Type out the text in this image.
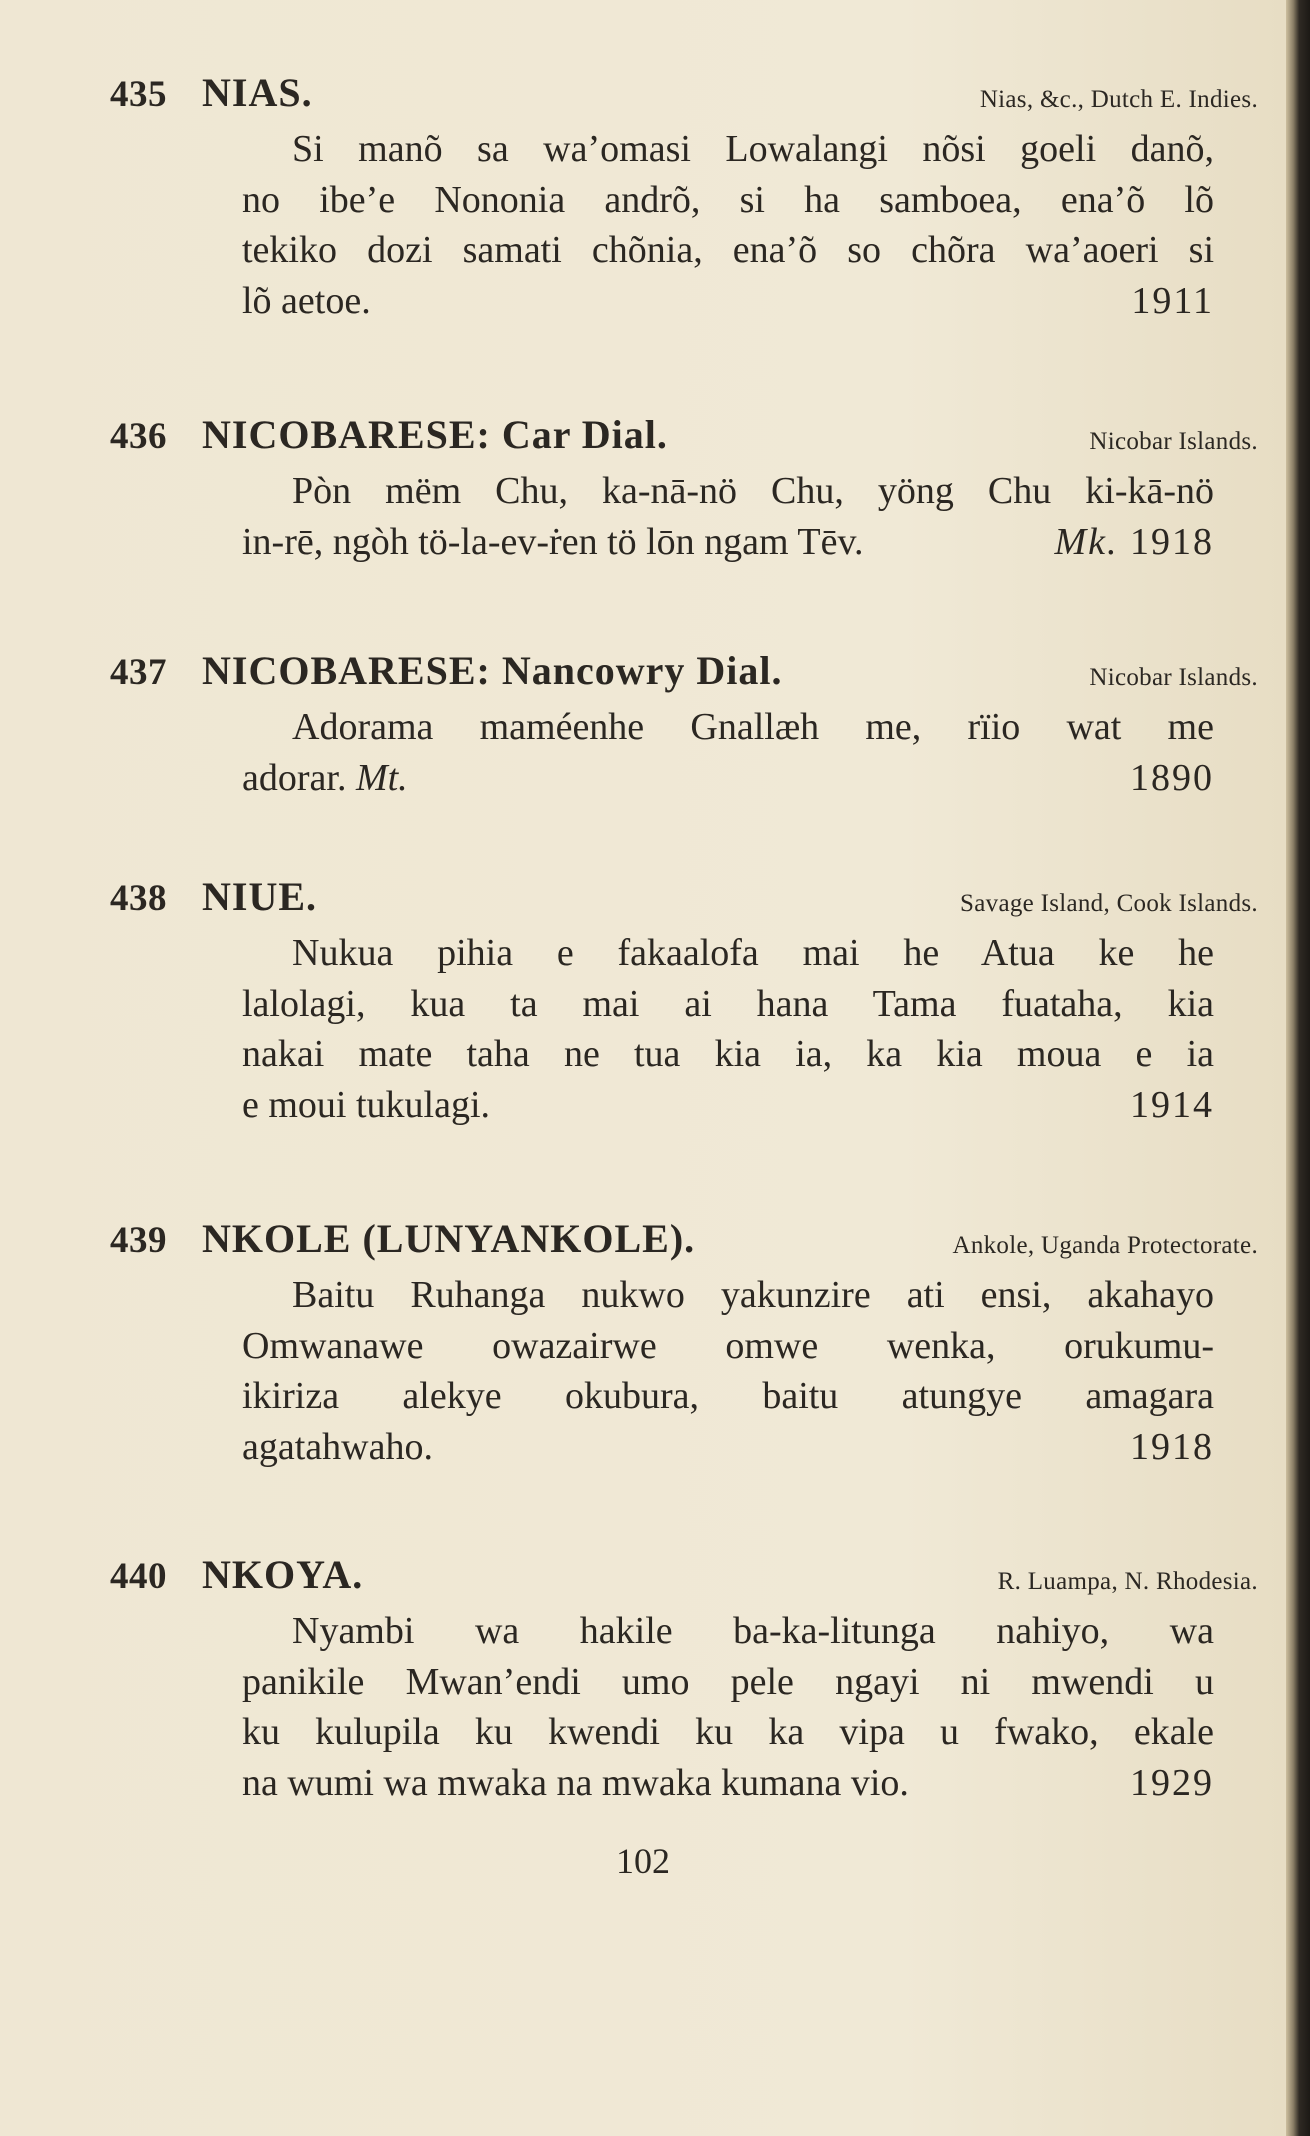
435 NIAS.	Nias, &c., Dutch E. Indies.
Si manõ sa wa’omasi Lowalangi nõsi goeli danõ,
no ibe’e Nononia andrõ, si ha samboea, ena’õ lõ
tekiko dozi samati chõnia, ena’õ so chõra wa’aoeri si
lõ aetoe.	1911
436 NICOBARESE: Car Dial.	Nicobar Islands.
Pòn mëm Chu, ka-nā-nö Chu, yöng Chu ki-kā-nö
in-rē, ngòh tö-la-ev-ṙen tö lōn ngam Tēv.	Mk. 1918
437 NICOBARESE: Nancowry Dial.	Nicobar Islands.
Adorama maméenhe Gnallæh me, rïio wat me
adorar. Mt.	1890
438 NIUE.	Savage Island, Cook Islands.
Nukua pihia e fakaalofa mai he Atua ke he
lalolagi, kua ta mai ai hana Tama fuataha, kia
nakai mate taha ne tua kia ia, ka kia moua e ia
e moui tukulagi.	1914
439 NKOLE (LUNYANKOLE).	Ankole, Uganda Protectorate.
Baitu Ruhanga nukwo yakunzire ati ensi, akahayo
Omwanawe owazairwe omwe wenka, orukumu-
ikiriza alekye okubura, baitu atungye amagara
agatahwaho.	1918
440 NKOYA.	R. Luampa, N. Rhodesia.
Nyambi wa hakile ba-ka-litunga nahiyo, wa
panikile Mwan’endi umo pele ngayi ni mwendi u
ku kulupila ku kwendi ku ka vipa u fwako, ekale
na wumi wa mwaka na mwaka kumana vio.	1929
102
